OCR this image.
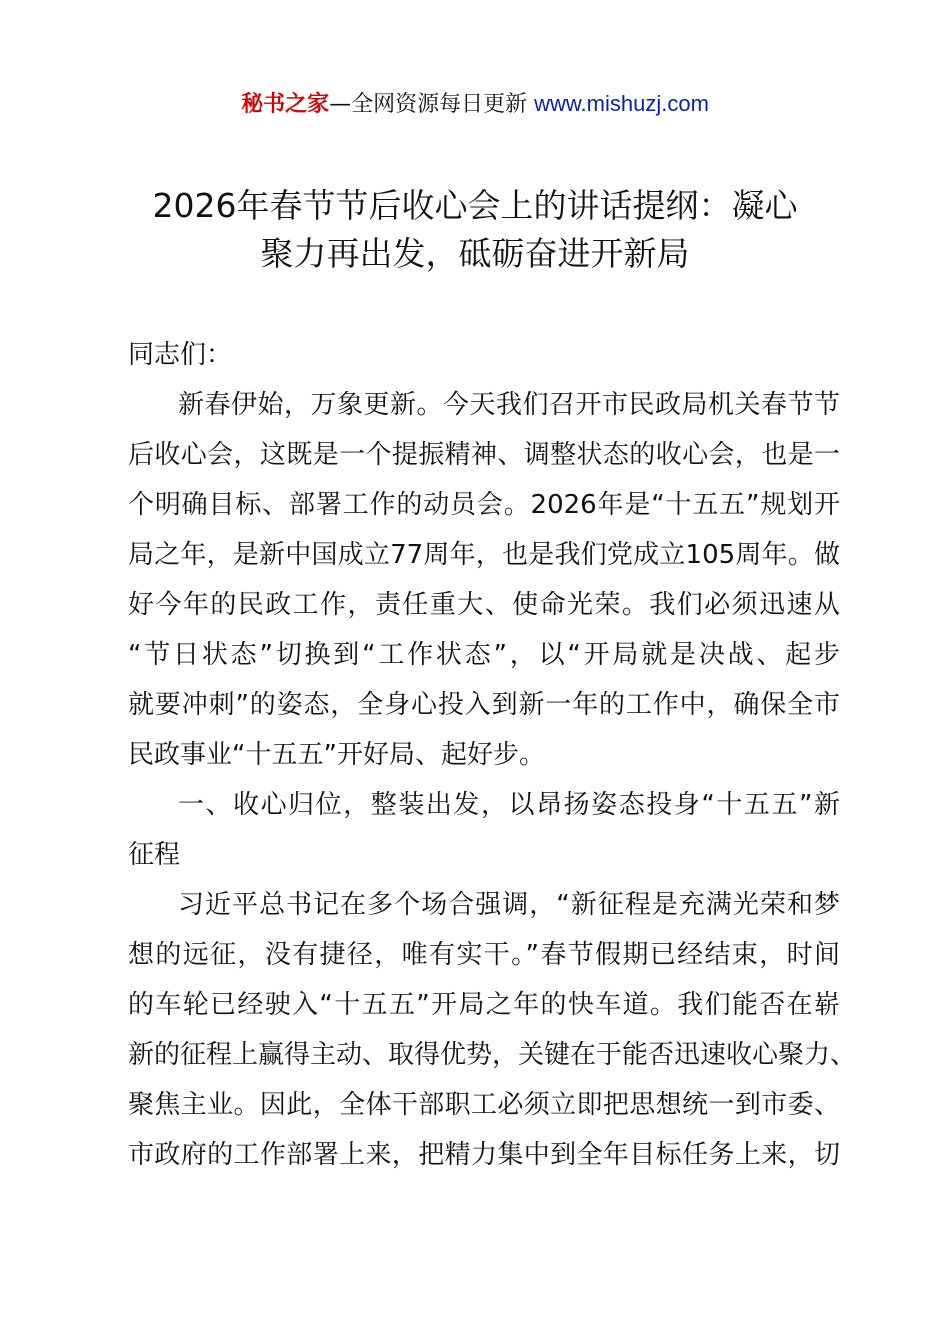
秘书之家—全网资源每日更新 www.mishuzj.com
2026年春节节后收心会上的讲话提纲：凝心
聚力再出发，砥砺奋进开新局
同志们：
新春伊始，万象更新。今天我们召开市民政局机关春节节
后收心会，这既是一个提振精神、调整状态的收心会，也是一
个明确目标、部署工作的动员会。2026年是“十五五”规划开
局之年，是新中国成立77周年，也是我们党成立105周年。做
好今年的民政工作，责任重大、使命光荣。我们必须迅速从
“节日状态”切换到“工作状态”，以“开局就是决战、起步
就要冲刺”的姿态，全身心投入到新一年的工作中，确保全市
民政事业“十五五”开好局、起好步。
一、收心归位，整装出发，以昂扬姿态投身“十五五”新
征程
习近平总书记在多个场合强调，“新征程是充满光荣和梦
想的远征，没有捷径，唯有实干。”春节假期已经结束，时间
的车轮已经驶入“十五五”开局之年的快车道。我们能否在崭
新的征程上赢得主动、取得优势，关键在于能否迅速收心聚力、
聚焦主业。因此，全体干部职工必须立即把思想统一到市委、
市政府的工作部署上来，把精力集中到全年目标任务上来，切
